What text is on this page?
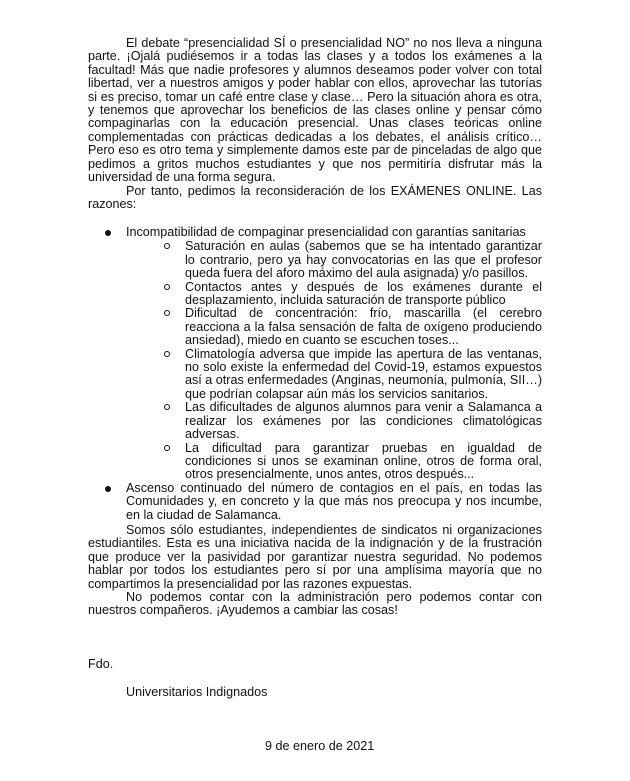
El debate “presencialidad SÍ o presencialidad NO” no nos lleva a ninguna parte. ¡Ojalá pudiésemos ir a todas las clases y a todos los exámenes a la facultad! Más que nadie profesores y alumnos deseamos poder volver con total libertad, ver a nuestros amigos y poder hablar con ellos, aprovechar las tutorías si es preciso, tomar un café entre clase y clase… Pero la situación ahora es otra, y tenemos que aprovechar los beneficios de las clases online y pensar cómo compaginarlas con la educación presencial. Unas clases teóricas online complementadas con prácticas dedicadas a los debates, el análisis crítico… Pero eso es otro tema y simplemente damos este par de pinceladas de algo que pedimos a gritos muchos estudiantes y que nos permitiría disfrutar más la universidad de una forma segura.

Por tanto, pedimos la reconsideración de los EXÁMENES ONLINE. Las razones:

Incompatibilidad de compaginar presencialidad con garantías sanitarias
Saturación en aulas (sabemos que se ha intentado garantizar lo contrario, pero ya hay convocatorias en las que el profesor queda fuera del aforo máximo del aula asignada) y/o pasillos.
Contactos antes y después de los exámenes durante el desplazamiento, incluida saturación de transporte público
Dificultad de concentración: frío, mascarilla (el cerebro reacciona a la falsa sensación de falta de oxígeno produciendo ansiedad), miedo en cuanto se escuchen toses...
Climatología adversa que impide las apertura de las ventanas, no solo existe la enfermedad del Covid-19, estamos expuestos así a otras enfermedades (Anginas, neumonía, pulmonía, SII…) que podrían colapsar aún más los servicios sanitarios.
Las dificultades de algunos alumnos para venir a Salamanca a realizar los exámenes por las condiciones climatológicas adversas.
La dificultad para garantizar pruebas en igualdad de condiciones si unos se examinan online, otros de forma oral, otros presencialmente, unos antes, otros después...
Ascenso continuado del número de contagios en el país, en todas las Comunidades y, en concreto y la que más nos preocupa y nos incumbe, en la ciudad de Salamanca.

Somos sólo estudiantes, independientes de sindicatos ni organizaciones estudiantiles. Esta es una iniciativa nacida de la indignación y de la frustración que produce ver la pasividad por garantizar nuestra seguridad. No podemos hablar por todos los estudiantes pero sí por una amplísima mayoría que no compartimos la presencialidad por las razones expuestas.

No podemos contar con la administración pero podemos contar con nuestros compañeros. ¡Ayudemos a cambiar las cosas!

Fdo.

Universitarios Indignados

9 de enero de 2021
